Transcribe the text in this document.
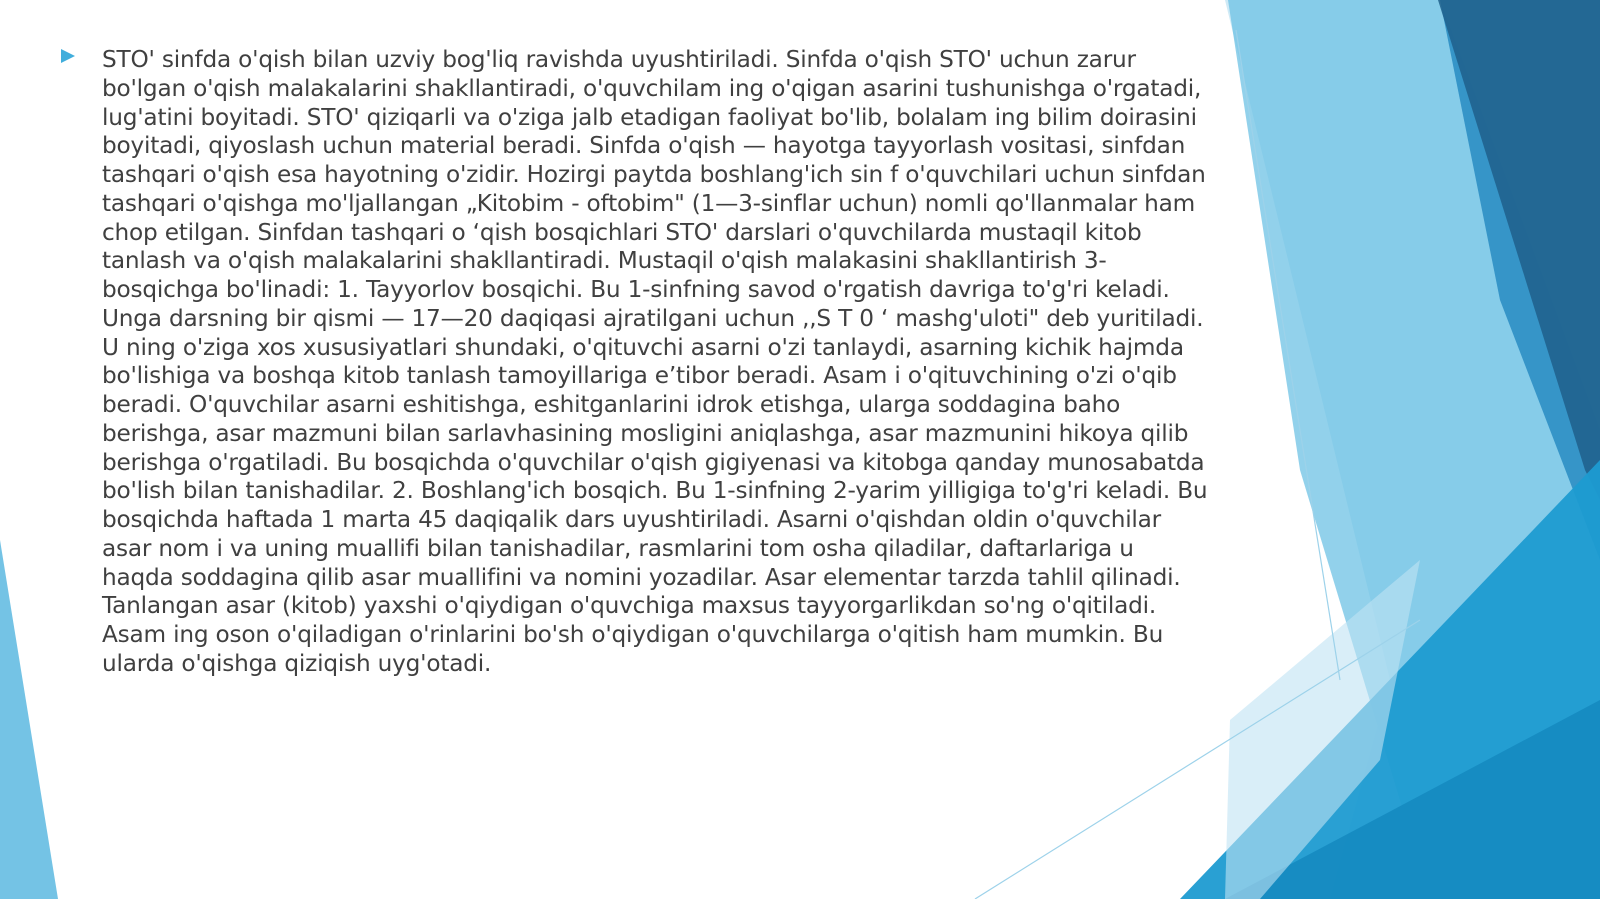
STO' sinfda o'qish bilan uzviy bog'liq ravishda uyushtiriladi. Sinfda o'qish STO' uchun zarur bo'lgan o'qish malakalarini shakllantiradi, o'quvchilam ing o'qigan asarini tushunishga o'rgatadi, lug'atini boyitadi. STO' qiziqarli va o'ziga jalb etadigan faoliyat bo'lib, bolalam ing bilim doirasini boyitadi, qiyoslash uchun material beradi. Sinfda o'qish — hayotga tayyorlash vositasi, sinfdan tashqari o'qish esa hayotning o'zidir. Hozirgi paytda boshlang'ich sin f o'quvchilari uchun sinfdan tashqari o'qishga mo'ljallangan „Kitobim - oftobim" (1—3-sinflar uchun) nomli qo'llanmalar ham chop etilgan. Sinfdan tashqari o ‘qish bosqichlari STO' darslari o'quvchilarda mustaqil kitob tanlash va o'qish malakalarini shakllantiradi. Mustaqil o'qish malakasini shakllantirish 3-bosqichga bo'linadi: 1. Tayyorlov bosqichi. Bu 1-sinfning savod o'rgatish davriga to'g'ri keladi. Unga darsning bir qismi — 17—20 daqiqasi ajratilgani uchun ,,S T 0 ‘ mashg'uloti" deb yuritiladi. U ning o'ziga xos xususiyatlari shundaki, o'qituvchi asarni o'zi tanlaydi, asarning kichik hajmda bo'lishiga va boshqa kitob tanlash tamoyillariga e’tibor beradi. Asam i o'qituvchining o'zi o'qib beradi. O'quvchilar asarni eshitishga, eshitganlarini idrok etishga, ularga soddagina baho berishga, asar mazmuni bilan sarlavhasining mosligini aniqlashga, asar mazmunini hikoya qilib berishga o'rgatiladi. Bu bosqichda o'quvchilar o'qish gigiyenasi va kitobga qanday munosabatda bo'lish bilan tanishadilar. 2. Boshlang'ich bosqich. Bu 1-sinfning 2-yarim yilligiga to'g'ri keladi. Bu bosqichda haftada 1 marta 45 daqiqalik dars uyushtiriladi. Asarni o'qishdan oldin o'quvchilar asar nom i va uning muallifi bilan tanishadilar, rasmlarini tom osha qiladilar, daftarlariga u haqda soddagina qilib asar muallifini va nomini yozadilar. Asar elementar tarzda tahlil qilinadi. Tanlangan asar (kitob) yaxshi o'qiydigan o'quvchiga maxsus tayyorgarlikdan so'ng o'qitiladi. Asam ing oson o'qiladigan o'rinlarini bo'sh o'qiydigan o'quvchilarga o'qitish ham mumkin. Bu ularda o'qishga qiziqish uyg'otadi.
